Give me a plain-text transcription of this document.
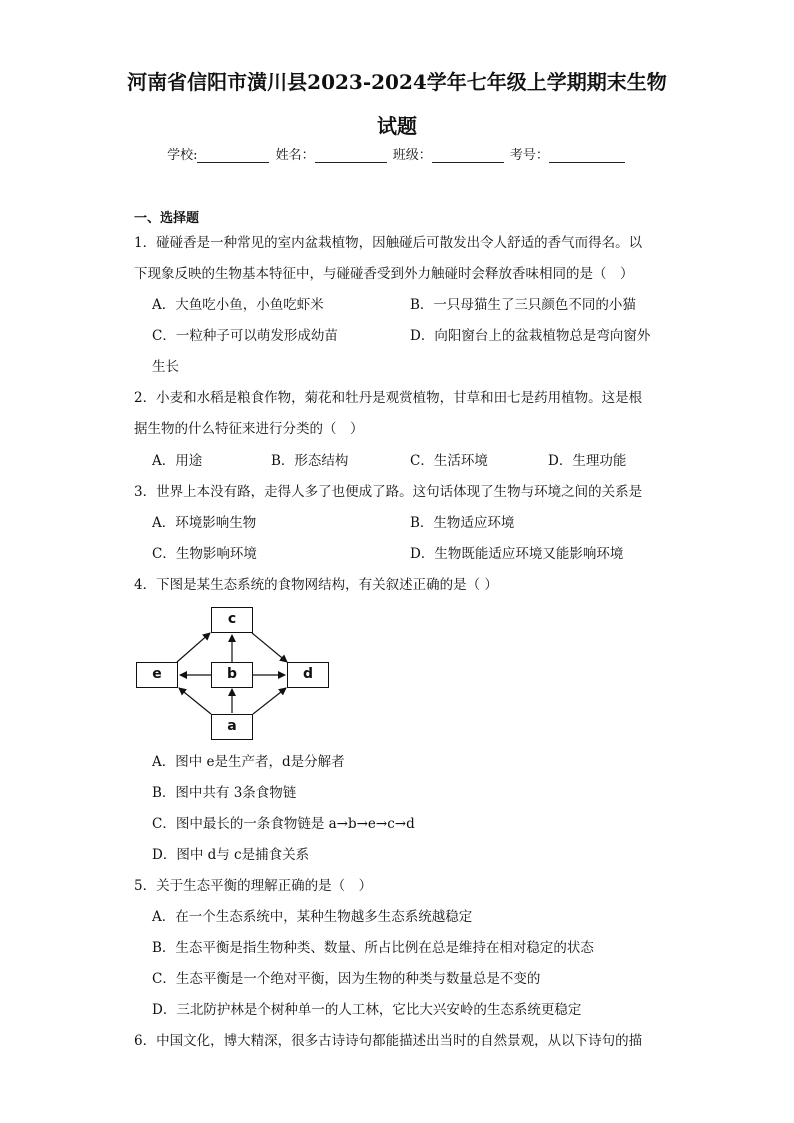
河南省信阳市潢川县2023-2024学年七年级上学期期末生物
试题
学校:	姓名：	班级：	考号：
一、选择题
1．碰碰香是一种常见的室内盆栽植物，因触碰后可散发出令人舒适的香气而得名。以
下现象反映的生物基本特征中，与碰碰香受到外力触碰时会释放香味相同的是（　）
A．大鱼吃小鱼，小鱼吃虾米	B．一只母猫生了三只颜色不同的小猫
C．一粒种子可以萌发形成幼苗	D．向阳窗台上的盆栽植物总是弯向窗外
生长
2．小麦和水稻是粮食作物，菊花和牡丹是观赏植物，甘草和田七是药用植物。这是根
据生物的什么特征来进行分类的（　）
A．用途	B．形态结构	C．生活环境	D．生理功能
3．世界上本没有路，走得人多了也便成了路。这句话体现了生物与环境之间的关系是
A．环境影响生物	B．生物适应环境
C．生物影响环境	D．生物既能适应环境又能影响环境
4．下图是某生态系统的食物网结构，有关叙述正确的是（ ）
c
e	b	d
a
A．图中 e是生产者，d是分解者
B．图中共有 3条食物链
C．图中最长的一条食物链是 a→b→e→c→d
D．图中 d与 c是捕食关系
5．关于生态平衡的理解正确的是（　）
A．在一个生态系统中，某种生物越多生态系统越稳定
B．生态平衡是指生物种类、数量、所占比例在总是维持在相对稳定的状态
C．生态平衡是一个绝对平衡，因为生物的种类与数量总是不变的
D．三北防护林是个树种单一的人工林，它比大兴安岭的生态系统更稳定
6．中国文化，博大精深，很多古诗诗句都能描述出当时的自然景观，从以下诗句的描
